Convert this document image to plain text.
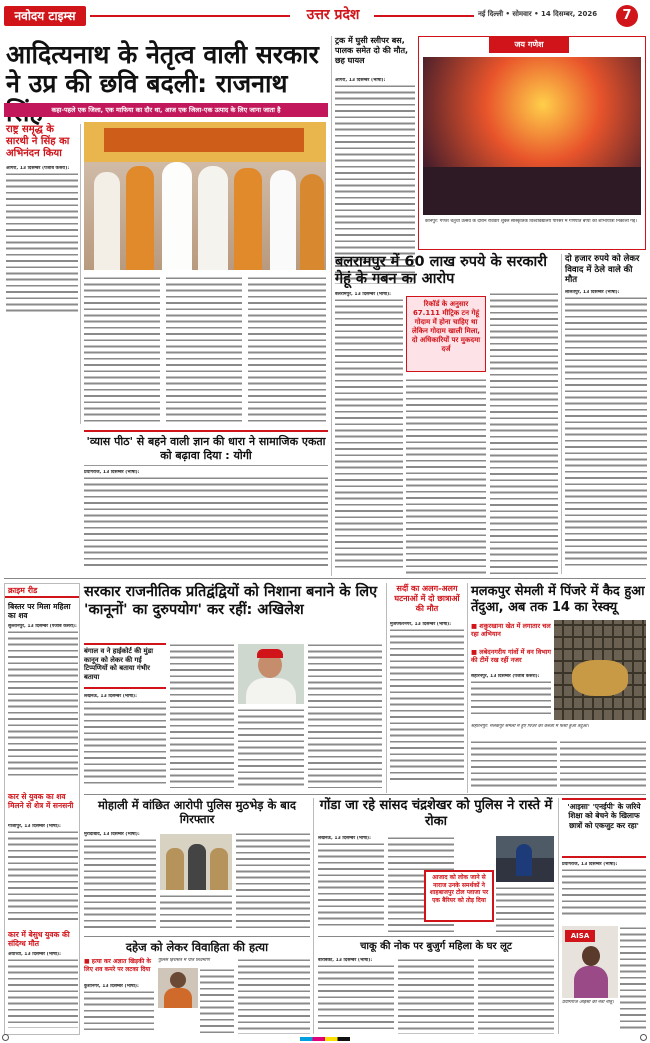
नवोदय टाइम्स	उत्तर प्रदेश	नई दिल्ली • सोमवार • 14 दिसम्बर, 2026	7
आदित्यनाथ के नेतृत्व वाली सरकार ने उप्र की छवि बदली: राजनाथ
कहा-पहले एक जिला, एक माफिया का दौर था, आज एक जिला-एक उत्पाद के लिए जाना जाता है
राष्ट्र समृद्ध के सारथी ने सिंह का अभिनंदन किया
आगरा, 13 दिसम्बर (पंजाब केसरी):
ट्रक में घुसी स्लीपर बस, पालक समेत दो की मौत, छह घायल
आगरा, 13 दिसम्बर (भाषा):
जय गणेश
कानपुर: गणेश चतुर्थी उत्सव के दौरान रविवार शुक्ल सांस्कृतिक विश्वविद्यालय परिसर में गणपति बप्पा की शोभायात्रा निकाली गई।
'व्यास पीठ' से बहने वाली ज्ञान की धारा ने सामाजिक एकता को बढ़ावा दिया : योगी
प्रयागराज, 13 दिसम्बर (भाषा):
बलरामपुर में 60 लाख रुपये के सरकारी गेहूं के गबन का आरोप
बलरामपुर, 13 दिसम्बर (भाषा):
रिकॉर्ड के अनुसार 67.111 मीट्रिक टन गेहूं गोदाम में होना चाहिए था लेकिन गोदाम खाली मिला, दो अधिकारियों पर मुकदमा दर्ज
दो हजार रुपये को लेकर विवाद में ठेले वाले की मौत
ललितपुर, 13 दिसम्बर (भाषा):
क्राइम रीड
बिस्तर पर मिला महिला का शव
सुल्तानपुर, 13 दिसम्बर (पंजाब केसरी):
कार से युवक का शव मिलने से शेत्र में सनसनी
गाजीपुर, 13 दिसम्बर (भाषा):
कार में बेसुध युवक की संदिग्ध मौत
अयोध्या, 13 दिसम्बर (भाषा):
सरकार राजनीतिक प्रतिद्वंद्वियों को निशाना बनाने के लिए 'कानूनों' का दुरुपयोग' कर रहीं: अखिलेश
बंगाल व ने हाईकोर्ट की मुंडा कानून को लेकर की गई टिप्पणियों को बताया गंभीर बताया
लखनऊ, 13 दिसम्बर (भाषा):
सर्दी का अलग-अलग घटनाओं में दो छात्राओं की मौत
मुजफ्फरनगर, 13 दिसम्बर (भाषा):
मलकपुर सेमली में पिंजरे में कैद हुआ तेंदुआ, अब तक 14 का रेस्क्यू
■ शकुरखाना खेत में लगातार चल रहा अभियान
■ लबेदनगरीय गांवों में वन विभाग की टीमें रख रहीं नजर
सहारनपुर: मलकपुर सेमली में हुए पिंजरे का कब्जा में फंसा हुआ तेंदुआ।
सहारनपुर, 13 दिसम्बर (पंजाब केसरी):
मोहाली में वांछित आरोपी पुलिस मुठभेड़ के बाद गिरफ्तार
मुरादाबाद, 13 दिसम्बर (भाषा):
गोंडा जा रहे सांसद चंद्रशेखर को पुलिस ने रास्ते में रोका
लखनऊ, 13 दिसम्बर (भाषा):
आजाद को लोक जाने से नाराज उनके समर्थकों ने शाहबाजपुर टोल प्लाजा पर एक बैरियर को तोड़ दिया
'आइसा' 'एनईपी' के जरिये शिक्षा को बेचने के खिलाफ छात्रों को एकजुट कर रहा'
प्रयागराज, 13 दिसम्बर (भाषा):
AISA
प्रयागराज आइसा की नेता नीतू।
दहेज को लेकर विवाहिता की हत्या
■ हत्या कर अज्ञात खिड़की के लिए शव कमरे पर लटका दिया
कुशीनगर, 13 दिसम्बर (भाषा):
पुलिस हिरासत में पति शिवमणि
चाकू की नोक पर बुजुर्ग महिला के घर लूट
बाराबंकी, 13 दिसम्बर (भाषा):
